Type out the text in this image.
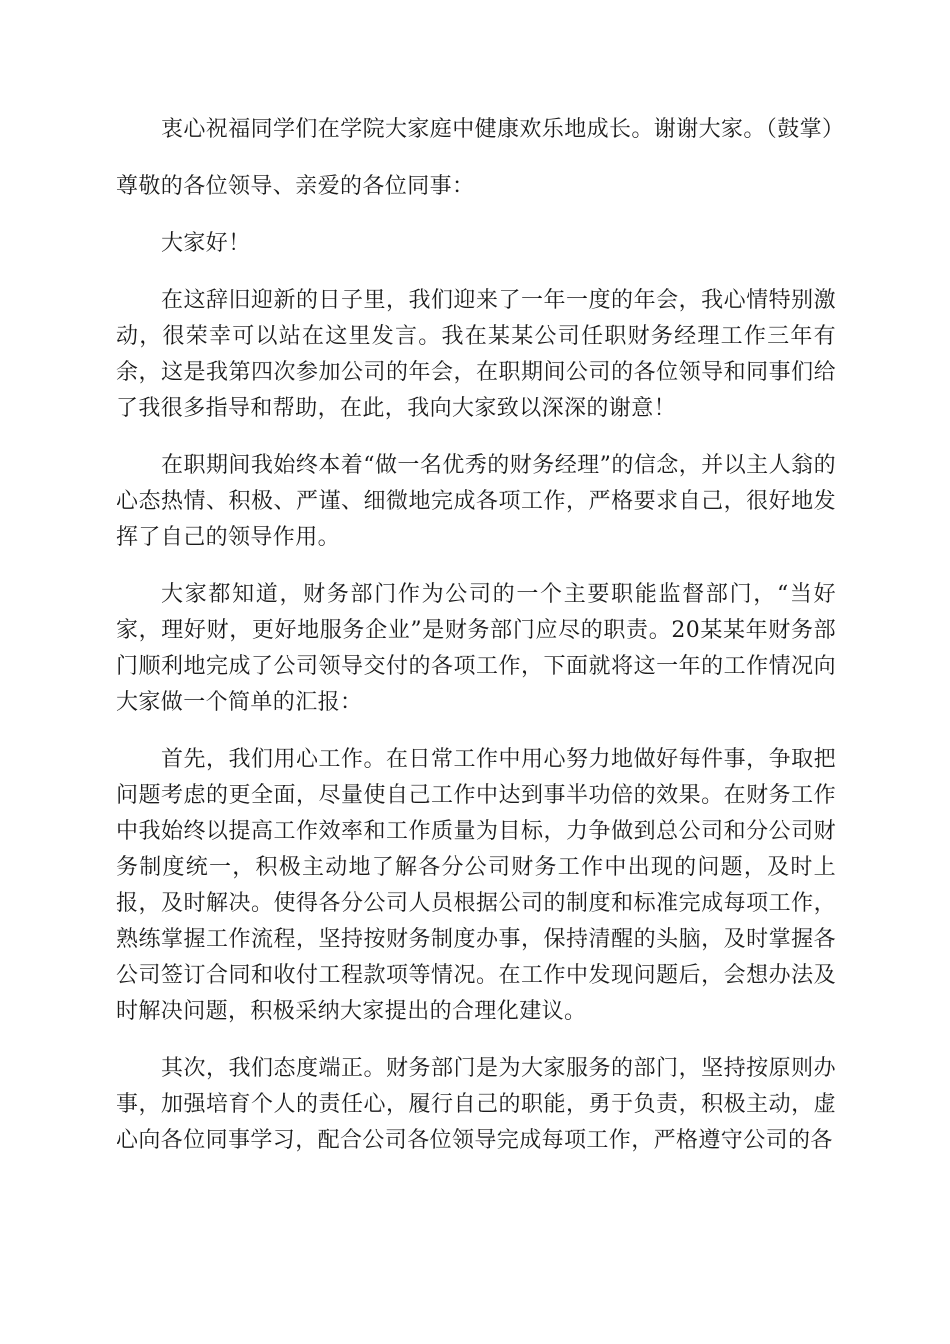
衷心祝福同学们在学院大家庭中健康欢乐地成长。谢谢大家。（鼓掌）

尊敬的各位领导、亲爱的各位同事：

大家好！

在这辞旧迎新的日子里，我们迎来了一年一度的年会，我心情特别激动，很荣幸可以站在这里发言。我在某某公司任职财务经理工作三年有余，这是我第四次参加公司的年会，在职期间公司的各位领导和同事们给了我很多指导和帮助，在此，我向大家致以深深的谢意！

在职期间我始终本着“做一名优秀的财务经理”的信念，并以主人翁的心态热情、积极、严谨、细微地完成各项工作，严格要求自己，很好地发挥了自己的领导作用。

大家都知道，财务部门作为公司的一个主要职能监督部门，“当好家，理好财，更好地服务企业”是财务部门应尽的职责。20某某年财务部门顺利地完成了公司领导交付的各项工作，下面就将这一年的工作情况向大家做一个简单的汇报：

首先，我们用心工作。在日常工作中用心努力地做好每件事，争取把问题考虑的更全面，尽量使自己工作中达到事半功倍的效果。在财务工作中我始终以提高工作效率和工作质量为目标，力争做到总公司和分公司财务制度统一，积极主动地了解各分公司财务工作中出现的问题，及时上报，及时解决。使得各分公司人员根据公司的制度和标准完成每项工作，熟练掌握工作流程，坚持按财务制度办事，保持清醒的头脑，及时掌握各公司签订合同和收付工程款项等情况。在工作中发现问题后，会想办法及时解决问题，积极采纳大家提出的合理化建议。

其次，我们态度端正。财务部门是为大家服务的部门，坚持按原则办事，加强培育个人的责任心，履行自己的职能，勇于负责，积极主动，虚心向各位同事学习，配合公司各位领导完成每项工作，严格遵守公司的各
